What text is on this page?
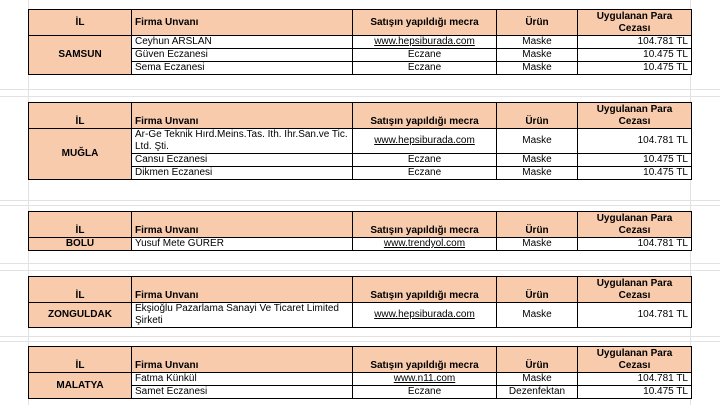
İL	Firma Unvanı	Satışın yapıldığı mecra	Ürün	Uygulanan Para
Cezası
SAMSUN	Ceyhun ARSLAN	www.hepsiburada.com	Maske	104.781 TL
	Güven Eczanesi	Eczane	Maske	10.475 TL
	Sema Eczanesi	Eczane	Maske	10.475 TL
İL	Firma Unvanı	Satışın yapıldığı mecra	Ürün	Uygulanan Para
Cezası
MUĞLA	Ar-Ge Teknik Hırd.Meins.Tas. İth. İhr.San.ve Tic. Ltd. Şti.	www.hepsiburada.com	Maske	104.781 TL
	Cansu Eczanesi	Eczane	Maske	10.475 TL
	Dikmen Eczanesi	Eczane	Maske	10.475 TL
İL	Firma Unvanı	Satışın yapıldığı mecra	Ürün	Uygulanan Para
Cezası
BOLU	Yusuf Mete GÜRER	www.trendyol.com	Maske	104.781 TL
İL	Firma Unvanı	Satışın yapıldığı mecra	Ürün	Uygulanan Para
Cezası
ZONGULDAK	Ekşioğlu Pazarlama Sanayi Ve Ticaret Limited Şirketi	www.hepsiburada.com	Maske	104.781 TL
İL	Firma Unvanı	Satışın yapıldığı mecra	Ürün	Uygulanan Para
Cezası
MALATYA	Fatma Künkül	www.n11.com	Maske	104.781 TL
	Samet Eczanesi	Eczane	Dezenfektan	10.475 TL
